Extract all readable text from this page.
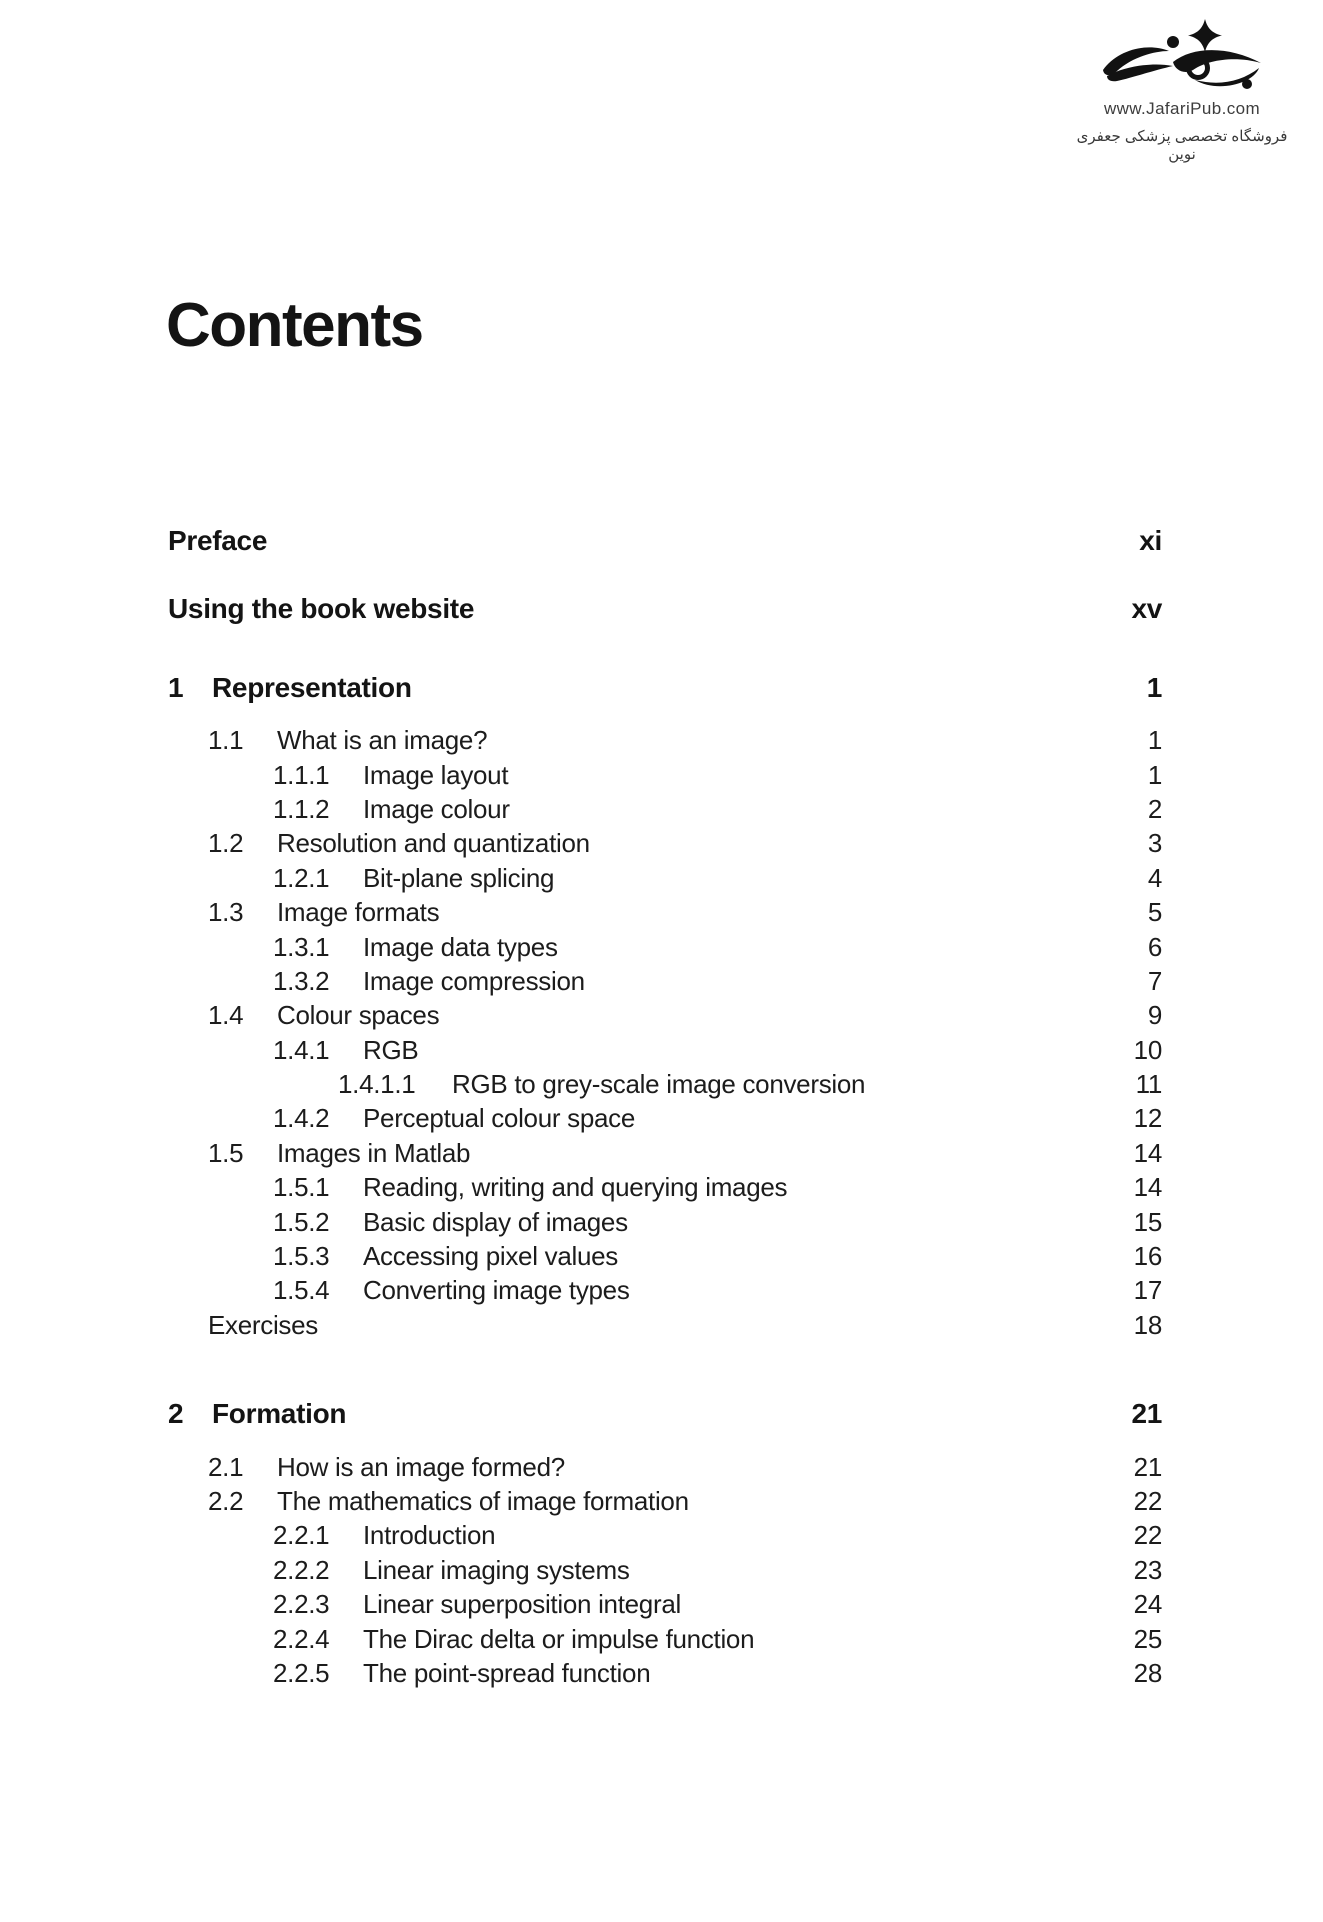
www.JafariPub.com
فروشگاه تخصصی پزشکی جعفری نوین
Contents
Preface	xi
Using the book website	xv
1	Representation	1
1.1	What is an image?	1
1.1.1	Image layout	1
1.1.2	Image colour	2
1.2	Resolution and quantization	3
1.2.1	Bit-plane splicing	4
1.3	Image formats	5
1.3.1	Image data types	6
1.3.2	Image compression	7
1.4	Colour spaces	9
1.4.1	RGB	10
1.4.1.1	RGB to grey-scale image conversion	11
1.4.2	Perceptual colour space	12
1.5	Images in Matlab	14
1.5.1	Reading, writing and querying images	14
1.5.2	Basic display of images	15
1.5.3	Accessing pixel values	16
1.5.4	Converting image types	17
Exercises	18
2	Formation	21
2.1	How is an image formed?	21
2.2	The mathematics of image formation	22
2.2.1	Introduction	22
2.2.2	Linear imaging systems	23
2.2.3	Linear superposition integral	24
2.2.4	The Dirac delta or impulse function	25
2.2.5	The point-spread function	28
